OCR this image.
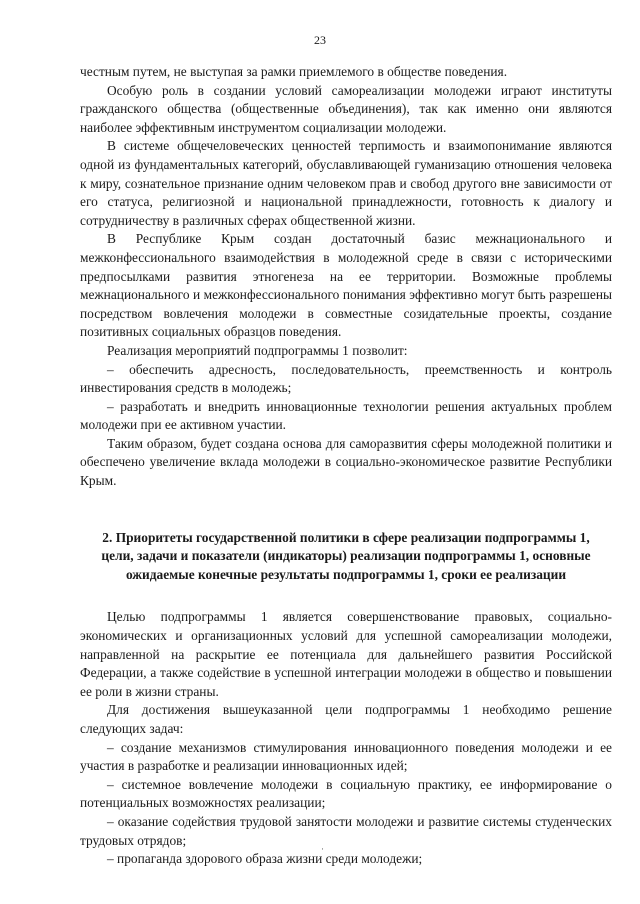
23

честным путем, не выступая за рамки приемлемого в обществе поведения.

Особую роль в создании условий самореализации молодежи играют институты гражданского общества (общественные объединения), так как именно они являются наиболее эффективным инструментом социализации молодежи.

В системе общечеловеческих ценностей терпимость и взаимопонимание являются одной из фундаментальных категорий, обуславливающей гуманизацию отношения человека к миру, сознательное признание одним человеком прав и свобод другого вне зависимости от его статуса, религиозной и национальной принадлежности, готовность к диалогу и сотрудничеству в различных сферах общественной жизни.

В Республике Крым создан достаточный базис межнационального и межконфессионального взаимодействия в молодежной среде в связи с историческими предпосылками развития этногенеза на ее территории. Возможные проблемы межнационального и межконфессионального понимания эффективно могут быть разрешены посредством вовлечения молодежи в совместные созидательные проекты, создание позитивных социальных образцов поведения.

Реализация мероприятий подпрограммы 1 позволит:

– обеспечить адресность, последовательность, преемственность и контроль инвестирования средств в молодежь;

– разработать и внедрить инновационные технологии решения актуальных проблем молодежи при ее активном участии.

Таким образом, будет создана основа для саморазвития сферы молодежной политики и обеспечено увеличение вклада молодежи в социально-экономическое развитие Республики Крым.

2. Приоритеты государственной политики в сфере реализации подпрограммы 1, цели, задачи и показатели (индикаторы) реализации подпрограммы 1, основные ожидаемые конечные результаты подпрограммы 1, сроки ее реализации

Целью подпрограммы 1 является совершенствование правовых, социально-экономических и организационных условий для успешной самореализации молодежи, направленной на раскрытие ее потенциала для дальнейшего развития Российской Федерации, а также содействие в успешной интеграции молодежи в общество и повышении ее роли в жизни страны.

Для достижения вышеуказанной цели подпрограммы 1 необходимо решение следующих задач:

– создание механизмов стимулирования инновационного поведения молодежи и ее участия в разработке и реализации инновационных идей;

– системное вовлечение молодежи в социальную практику, ее информирование о потенциальных возможностях реализации;

– оказание содействия трудовой занятости молодежи и развитие системы студенческих трудовых отрядов;

– пропаганда здорового образа жизни среди молодежи;

·
